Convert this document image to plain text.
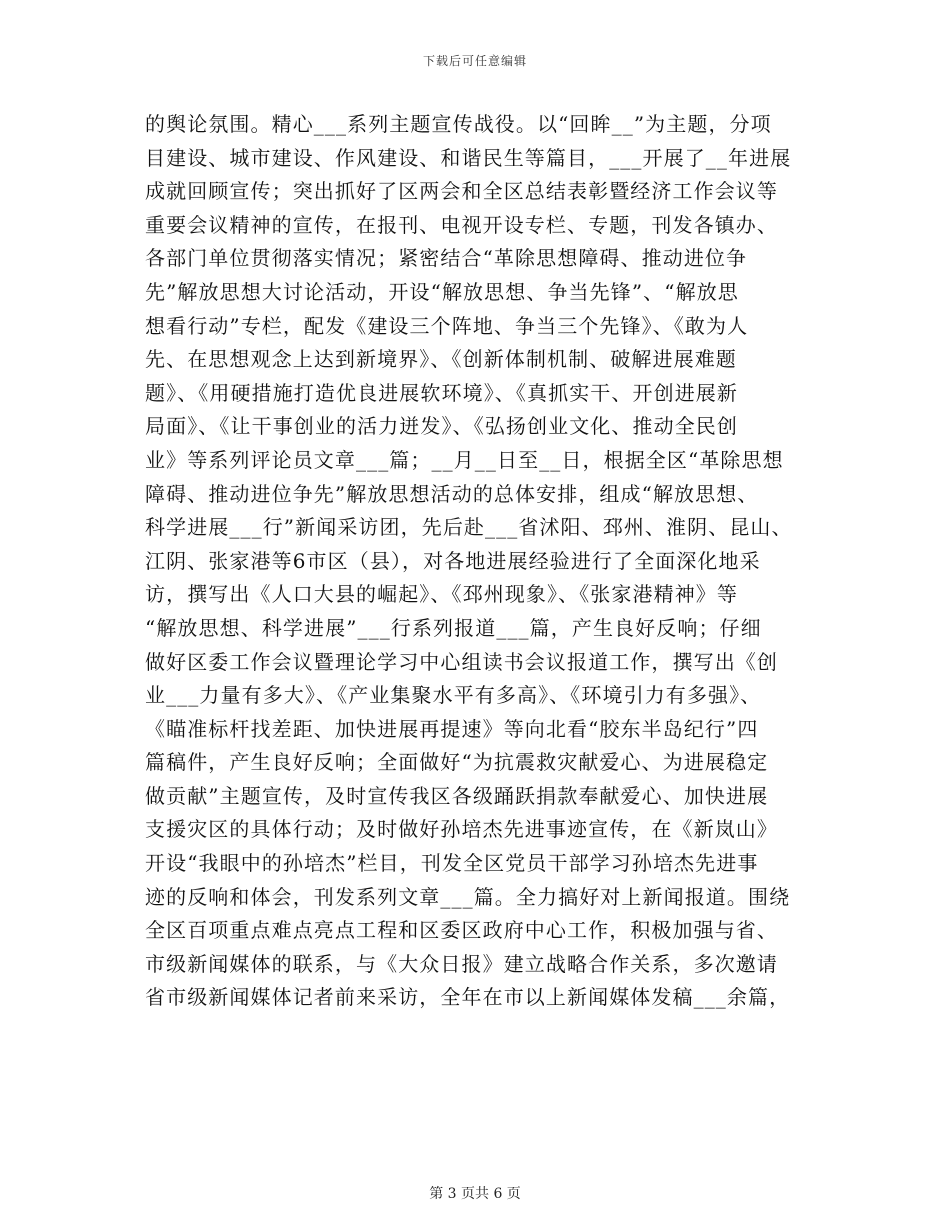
下载后可任意编辑
的舆论氛围。精心___系列主题宣传战役。以“回眸__”为主题，分项
目建设、城市建设、作风建设、和谐民生等篇目，___开展了__年进展
成就回顾宣传；突出抓好了区两会和全区总结表彰暨经济工作会议等
重要会议精神的宣传，在报刊、电视开设专栏、专题，刊发各镇办、
各部门单位贯彻落实情况；紧密结合“革除思想障碍、推动进位争
先”解放思想大讨论活动，开设“解放思想、争当先锋”、“解放思
想看行动”专栏，配发《建设三个阵地、争当三个先锋》、《敢为人
先、在思想观念上达到新境界》、《创新体制机制、破解进展难题
题》、《用硬措施打造优良进展软环境》、《真抓实干、开创进展新
局面》、《让干事创业的活力迸发》、《弘扬创业文化、推动全民创
业》等系列评论员文章___篇；__月__日至__日，根据全区“革除思想
障碍、推动进位争先”解放思想活动的总体安排，组成“解放思想、
科学进展___行”新闻采访团，先后赴___省沭阳、邳州、淮阴、昆山、
江阴、张家港等6市区（县），对各地进展经验进行了全面深化地采
访，撰写出《人口大县的崛起》、《邳州现象》、《张家港精神》等
“解放思想、科学进展”___行系列报道___篇，产生良好反响；仔细
做好区委工作会议暨理论学习中心组读书会议报道工作，撰写出《创
业___力量有多大》、《产业集聚水平有多高》、《环境引力有多强》、
《瞄准标杆找差距、加快进展再提速》等向北看“胶东半岛纪行”四
篇稿件，产生良好反响；全面做好“为抗震救灾献爱心、为进展稳定
做贡献”主题宣传，及时宣传我区各级踊跃捐款奉献爱心、加快进展
支援灾区的具体行动；及时做好孙培杰先进事迹宣传，在《新岚山》
开设“我眼中的孙培杰”栏目，刊发全区党员干部学习孙培杰先进事
迹的反响和体会，刊发系列文章___篇。全力搞好对上新闻报道。围绕
全区百项重点难点亮点工程和区委区政府中心工作，积极加强与省、
市级新闻媒体的联系，与《大众日报》建立战略合作关系，多次邀请
省市级新闻媒体记者前来采访，全年在市以上新闻媒体发稿___余篇，
第 3 页共 6 页
